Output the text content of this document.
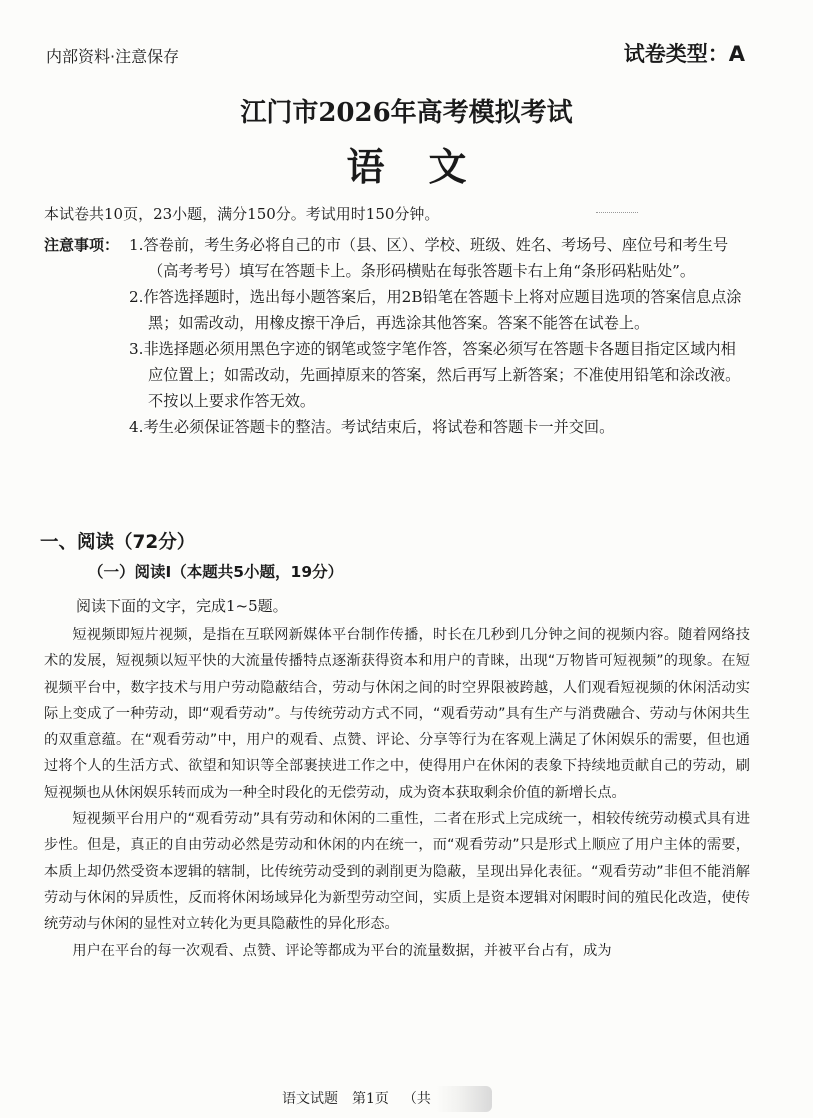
内部资料·注意保存	试卷类型：A
江门市2026年高考模拟考试
语文
本试卷共10页，23小题，满分150分。考试用时150分钟。
注意事项： 1.答卷前，考生务必将自己的市（县、区）、学校、班级、姓名、考场号、座位号和考生号（高考考号）填写在答题卡上。条形码横贴在每张答题卡右上角“条形码粘贴处”。
2.作答选择题时，选出每小题答案后，用2B铅笔在答题卡上将对应题目选项的答案信息点涂黑；如需改动，用橡皮擦干净后，再选涂其他答案。答案不能答在试卷上。
3.非选择题必须用黑色字迹的钢笔或签字笔作答，答案必须写在答题卡各题目指定区域内相应位置上；如需改动，先画掉原来的答案，然后再写上新答案；不准使用铅笔和涂改液。不按以上要求作答无效。
4.考生必须保证答题卡的整洁。考试结束后，将试卷和答题卡一并交回。
一、阅读（72分）
（一）阅读Ⅰ（本题共5小题，19分）
阅读下面的文字，完成1~5题。

短视频即短片视频，是指在互联网新媒体平台制作传播，时长在几秒到几分钟之间的视频内容。随着网络技术的发展，短视频以短平快的大流量传播特点逐渐获得资本和用户的青睐，出现“万物皆可短视频”的现象。在短视频平台中，数字技术与用户劳动隐蔽结合，劳动与休闲之间的时空界限被跨越，人们观看短视频的休闲活动实际上变成了一种劳动，即“观看劳动”。与传统劳动方式不同，“观看劳动”具有生产与消费融合、劳动与休闲共生的双重意蕴。在“观看劳动”中，用户的观看、点赞、评论、分享等行为在客观上满足了休闲娱乐的需要，但也通过将个人的生活方式、欲望和知识等全部裹挟进工作之中，使得用户在休闲的表象下持续地贡献自己的劳动，刷短视频也从休闲娱乐转而成为一种全时段化的无偿劳动，成为资本获取剩余价值的新增长点。

短视频平台用户的“观看劳动”具有劳动和休闲的二重性，二者在形式上完成统一，相较传统劳动模式具有进步性。但是，真正的自由劳动必然是劳动和休闲的内在统一，而“观看劳动”只是形式上顺应了用户主体的需要，本质上却仍然受资本逻辑的辖制，比传统劳动受到的剥削更为隐蔽，呈现出异化表征。“观看劳动”非但不能消解劳动与休闲的异质性，反而将休闲场域异化为新型劳动空间，实质上是资本逻辑对闲暇时间的殖民化改造，使传统劳动与休闲的显性对立转化为更具隐蔽性的异化形态。

用户在平台的每一次观看、点赞、评论等都成为平台的流量数据，并被平台占有，成为

语文试题 第1页 （共
